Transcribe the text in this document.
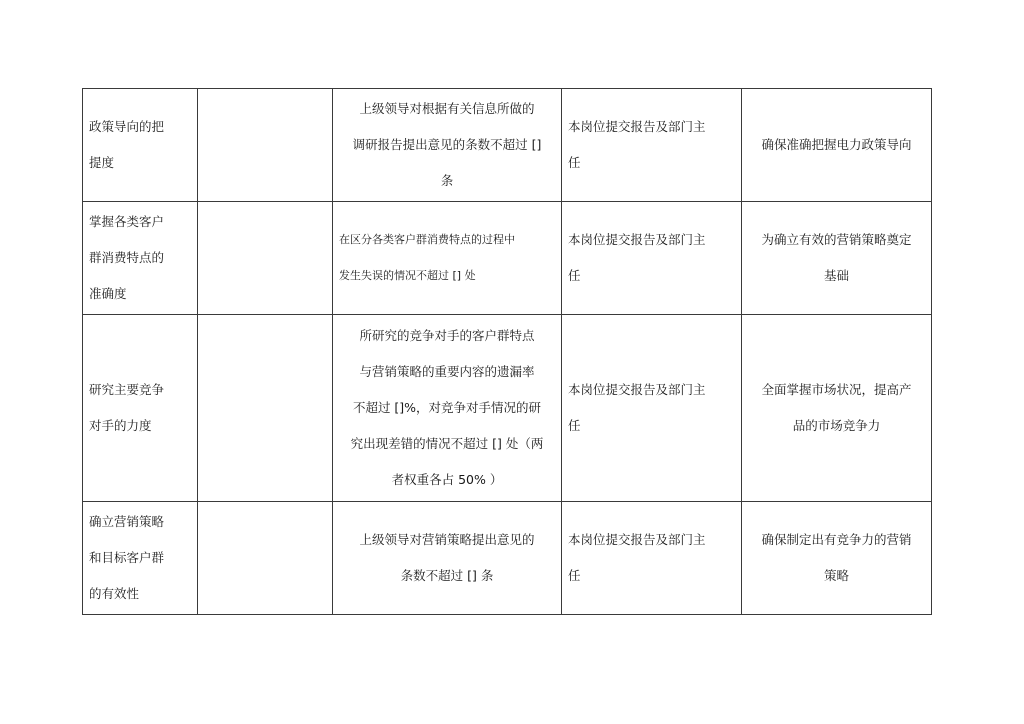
政策导向的把
提度		上级领导对根据有关信息所做的
调研报告提出意见的条数不超过 []
条	本岗位提交报告及部门主
任	确保准确把握电力政策导向

掌握各类客户
群消费特点的
准确度		在区分各类客户群消费特点的过程中
发生失误的情况不超过 [] 处	本岗位提交报告及部门主
任	为确立有效的营销策略奠定
基础

研究主要竞争
对手的力度		所研究的竞争对手的客户群特点
与营销策略的重要内容的遗漏率
不超过 []%，对竞争对手情况的研
究出现差错的情况不超过 [] 处（两
者权重各占 50% ）	本岗位提交报告及部门主
任	全面掌握市场状况，提高产
品的市场竞争力

确立营销策略
和目标客户群
的有效性		上级领导对营销策略提出意见的
条数不超过 [] 条	本岗位提交报告及部门主
任	确保制定出有竞争力的营销
策略
